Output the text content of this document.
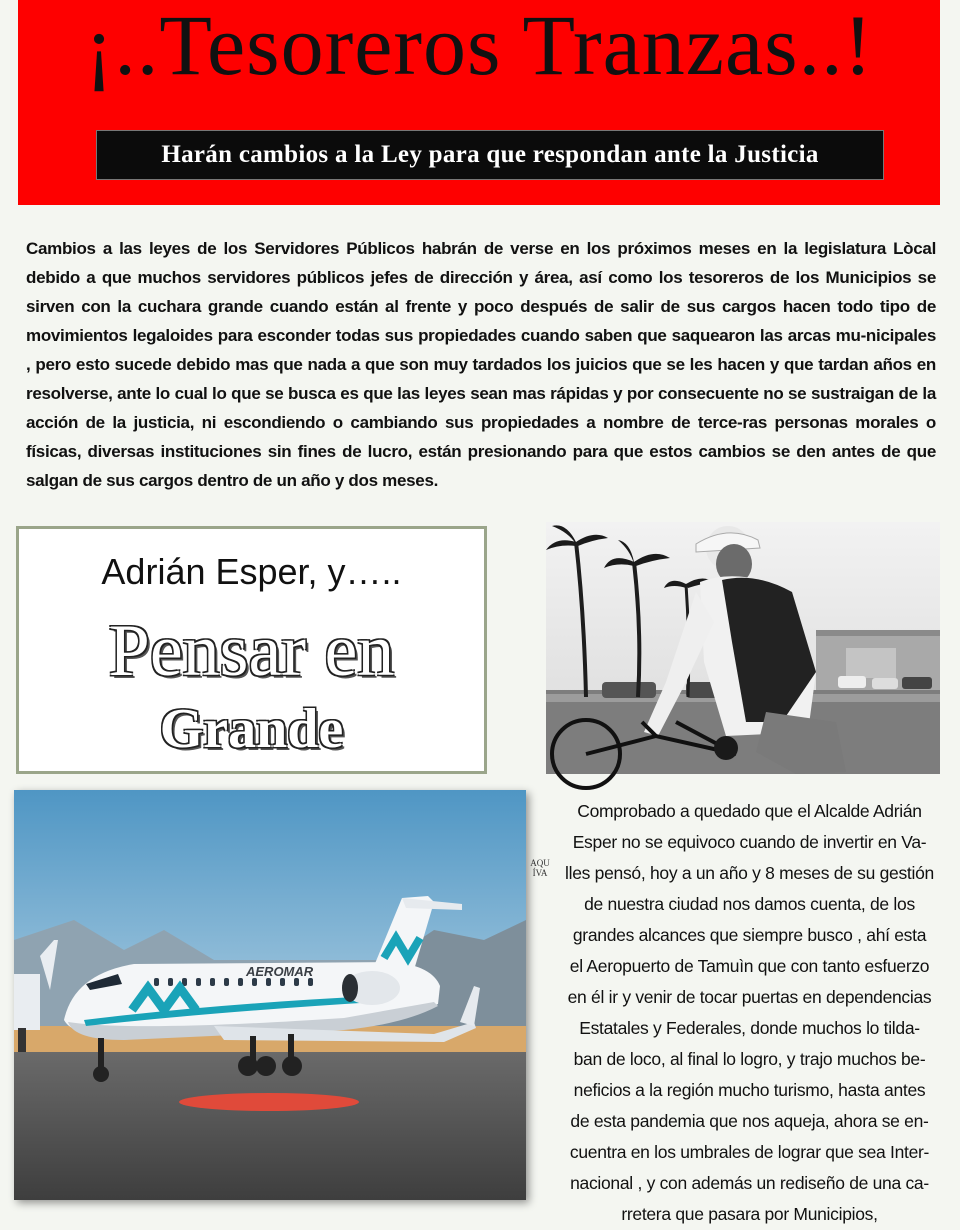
¡..Tesoreros Tranzas..!
Harán cambios a la Ley para que respondan ante la Justicia

Cambios a las leyes de los Servidores Públicos habrán de verse en los próximos meses en la legislatura Lòcal debido a que muchos servidores públicos jefes de dirección y área, así como los tesoreros de los Municipios se sirven con la cuchara grande cuando están al frente y poco después de salir de sus cargos hacen todo tipo de movimientos legaloides para esconder todas sus propiedades cuando saben que saquearon las arcas mu-nicipales , pero esto sucede debido mas que nada a que son muy tardados los juicios que se les hacen y que tardan años en resolverse, ante lo cual lo que se busca es que las leyes sean mas rápidas y por consecuente no se sustraigan de la acción de la justicia, ni escondiendo o cambiando sus propiedades a nombre de terce-ras personas morales o físicas, diversas instituciones sin fines de lucro, están presionando para que estos cambios se den antes de que salgan de sus cargos dentro de un año y dos meses.

Adrián Esper, y…..
Pensar en
Grande
AEROMAR
AQU ÍVA
Comprobado a quedado que el Alcalde Adrián
Esper no se equivoco cuando de invertir en Va-
lles pensó, hoy a un año y 8 meses de su gestión
de nuestra ciudad nos damos cuenta, de los
grandes alcances que siempre busco , ahí esta
el Aeropuerto de Tamuìn que con tanto esfuerzo
en él ir y venir de tocar puertas en dependencias
Estatales y Federales, donde muchos lo tilda-
ban de loco, al final lo logro, y trajo muchos be-
neficios a la región mucho turismo, hasta antes
de esta pandemia que nos aqueja, ahora se en-
cuentra en los umbrales de lograr que sea Inter-
nacional , y con además un rediseño de una ca-
rretera que pasara por Municipios,
